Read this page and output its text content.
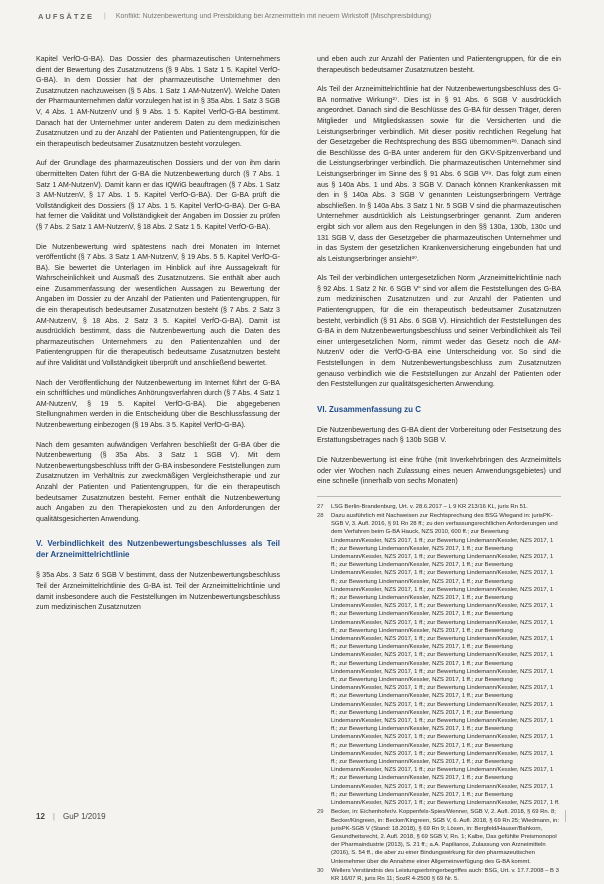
AUFSÄTZE | Konflikt: Nutzenbewertung und Preisbildung bei Arzneimitteln mit neuem Wirkstoff (Mischpreisbildung)

Kapitel VerfO-G-BA). Das Dossier des pharmazeutischen Unternehmers dient der Bewertung des Zusatznutzens (§ 9 Abs. 1 Satz 1 5. Kapitel VerfO-G-BA). In dem Dossier hat der pharmazeutische Unternehmer den Zusatznutzen nachzuweisen (§ 5 Abs. 1 Satz 1 AM-NutzenV). Welche Daten der Pharmaunternehmen dafür vorzulegen hat ist in § 35a Abs. 1 Satz 3 SGB V, 4 Abs. 1 AM-NutzenV und § 9 Abs. 1 5. Kapitel VerfO-G-BA bestimmt. Danach hat der Unternehmer unter anderem Daten zu dem medizinischen Zusatznutzen und zu der Anzahl der Patienten und Patientengruppen, für die ein therapeutisch bedeutsamer Zusatznutzen besteht vorzulegen.

Auf der Grundlage des pharmazeutischen Dossiers und der von ihm darin übermittelten Daten führt der G-BA die Nutzenbewertung durch (§ 7 Abs. 1 Satz 1 AM-NutzenV). Damit kann er das IQWiG beauftragen (§ 7 Abs. 1 Satz 3 AM-NutzenV, § 17 Abs. 1 5. Kapitel VerfO-G-BA). Der G-BA prüft die Vollständigkeit des Dossiers (§ 17 Abs. 1 5. Kapitel VerfO-G-BA). Der G-BA hat ferner die Validität und Vollständigkeit der Angaben im Dossier zu prüfen (§ 7 Abs. 2 Satz 1 AM-NutzenV, § 18 Abs. 2 Satz 1 5. Kapitel VerfO-G-BA).

Die Nutzenbewertung wird spätestens nach drei Monaten im Internet veröffentlicht (§ 7 Abs. 3 Satz 1 AM-NutzenV, § 19 Abs. 5 5. Kapitel VerfO-G-BA). Sie bewertet die Unterlagen im Hinblick auf ihre Aussagekraft für Wahrscheinlichkeit und Ausmaß des Zusatznutzens. Sie enthält aber auch eine Zusammenfassung der wesentlichen Aussagen zu Bewertung der Angaben im Dossier zu der Anzahl der Patienten und Patientengruppen, für die ein therapeutisch bedeutsamer Zusatznutzen besteht (§ 7 Abs. 2 Satz 3 AM-NutzenV, § 18 Abs. 2 Satz 3 5. Kapitel VerfO-G-BA). Damit ist ausdrücklich bestimmt, dass die Nutzenbewertung auch die Daten des pharmazeutischen Unternehmers zu den Patientenzahlen und der Patientengruppen für die therapeutisch bedeutsame Zusatznutzen besteht auf ihre Validität und Vollständigkeit überprüft und anschließend bewertet.

Nach der Veröffentlichung der Nutzenbewertung im Internet führt der G-BA ein schriftliches und mündliches Anhörungsverfahren durch (§ 7 Abs. 4 Satz 1 AM-NutzenV, § 19 5. Kapitel VerfO-G-BA). Die abgegebenen Stellungnahmen werden in die Entscheidung über die Beschlussfassung der Nutzenbewertung einbezogen (§ 19 Abs. 3 5. Kapitel VerfO-G-BA).

Nach dem gesamten aufwändigen Verfahren beschließt der G-BA über die Nutzenbewertung (§ 35a Abs. 3 Satz 1 SGB V). Mit dem Nutzenbewertungsbeschluss trifft der G-BA insbesondere Feststellungen zum Zusatznutzen im Verhältnis zur zweckmäßigen Vergleichstherapie und zur Anzahl der Patienten und Patientengruppen, für die ein therapeutisch bedeutsamer Zusatznutzen besteht. Ferner enthält die Nutzenbewertung auch Angaben zu den Therapiekosten und zu den Anforderungen der qualitätsgesicherten Anwendung.

V. Verbindlichkeit des Nutzenbewertungsbeschlusses als Teil der Arzneimittelrichtlinie

§ 35a Abs. 3 Satz 6 SGB V bestimmt, dass der Nutzenbewertungsbeschluss Teil der Arzneimittelrichtlinie des G-BA ist. Teil der Arzneimittelrichtlinie und damit insbesondere auch die Feststellungen im Nutzenbewertungsbeschluss zum medizinischen Zusatznutzen

und eben auch zur Anzahl der Patienten und Patientengruppen, für die ein therapeutisch bedeutsamer Zusatznutzen besteht.

Als Teil der Arzneimittelrichtlinie hat der Nutzenbewertungsbeschluss des G-BA normative Wirkung²⁷. Dies ist in § 91 Abs. 6 SGB V ausdrücklich angeordnet. Danach sind die Beschlüsse des G-BA für dessen Träger, deren Mitglieder und Mitgliedskassen sowie für die Versicherten und die Leistungserbringer verbindlich. Mit dieser positiv rechtlichen Regelung hat der Gesetzgeber die Rechtsprechung des BSG übernommen²⁸. Danach sind die Beschlüsse des G-BA unter anderem für den GKV-Spitzenverband und die Leistungserbringer verbindlich. Die pharmazeutischen Unternehmer sind Leistungserbringer im Sinne des § 91 Abs. 6 SGB V²⁹. Das folgt zum einen aus § 140a Abs. 1 und Abs. 3 SGB V. Danach können Krankenkassen mit den in § 140a Abs. 3 SGB V genannten Leistungserbringern Verträge abschließen. In § 140a Abs. 3 Satz 1 Nr. 5 SGB V sind die pharmazeutischen Unternehmer ausdrücklich als Leistungserbringer genannt. Zum anderen ergibt sich vor allem aus den Regelungen in den §§ 130a, 130b, 130c und 131 SGB V, dass der Gesetzgeber die pharmazeutischen Unternehmer und in das System der gesetzlichen Krankenversicherung eingebunden hat und als Leistungserbringer ansieht³⁰.

Als Teil der verbindlichen untergesetzlichen Norm „Arzneimittelrichtlinie nach § 92 Abs. 1 Satz 2 Nr. 6 SGB V“ sind vor allem die Feststellungen des G-BA zum medizinischen Zusatznutzen und zur Anzahl der Patienten und Patientengruppen, für die ein therapeutisch bedeutsamer Zusatznutzen besteht, verbindlich (§ 91 Abs. 6 SGB V). Hinsichtlich der Feststellungen des G-BA in dem Nutzenbewertungsbeschluss und seiner Verbindlichkeit als Teil einer untergesetzlichen Norm, nimmt weder das Gesetz noch die AM-NutzenV oder die VerfO-G-BA eine Unterscheidung vor. So sind die Feststellungen in dem Nutzenbewertungsbeschluss zum Zusatznutzen genauso verbindlich wie die Feststellungen zur Anzahl der Patienten oder den Feststellungen zur qualitätsgesicherten Anwendung.

VI. Zusammenfassung zu C

Die Nutzenbewertung des G-BA dient der Vorbereitung oder Festsetzung des Erstattungsbetrages nach § 130b SGB V.

Die Nutzenbewertung ist eine frühe (mit Inverkehrbringen des Arzneimittels oder vier Wochen nach Zulassung eines neuen Anwendungsgebietes) und eine schnelle (innerhalb von sechs Monaten)

27	LSG Berlin-Brandenburg, Urt. v. 28.6.2017 – L 9 KR 213/16 KL, juris Rn 51.
28	Dazu ausführlich mit Nachweisen zur Rechtsprechung des BSG Wiegand in: jurisPK-SGB V, 3. Aufl. 2016, § 91 Rn 28 ff.; zu den verfassungsrechtlichen Anforderungen und dem Verfahren beim G-BA Hauck, NZS 2010, 600 ff.; zur Bewertung Lindemann/Kessler, NZS 2017, 1 ff.; zur Bewertung Lindemann/Kessler, NZS 2017, 1 ff.; zur Bewertung Lindemann/Kessler, NZS 2017, 1 ff.; zur Bewertung Lindemann/Kessler, NZS 2017, 1 ff.; zur Bewertung Lindemann/Kessler, NZS 2017, 1 ff.; zur Bewertung Lindemann/Kessler, NZS 2017, 1 ff.; zur Bewertung Lindemann/Kessler, NZS 2017, 1 ff.; zur Bewertung Lindemann/Kessler, NZS 2017, 1 ff.; zur Bewertung Lindemann/Kessler, NZS 2017, 1 ff.; zur Bewertung Lindemann/Kessler, NZS 2017, 1 ff.; zur Bewertung Lindemann/Kessler, NZS 2017, 1 ff.; zur Bewertung Lindemann/Kessler, NZS 2017, 1 ff.; zur Bewertung Lindemann/Kessler, NZS 2017, 1 ff.; zur Bewertung Lindemann/Kessler, NZS 2017, 1 ff.; zur Bewertung Lindemann/Kessler, NZS 2017, 1 ff.; zur Bewertung Lindemann/Kessler, NZS 2017, 1 ff.; zur Bewertung Lindemann/Kessler, NZS 2017, 1 ff.; zur Bewertung Lindemann/Kessler, NZS 2017, 1 ff.; zur Bewertung Lindemann/Kessler, NZS 2017, 1 ff.; zur Bewertung Lindemann/Kessler, NZS 2017, 1 ff.; zur Bewertung Lindemann/Kessler, NZS 2017, 1 ff.; zur Bewertung Lindemann/Kessler, NZS 2017, 1 ff.; zur Bewertung Lindemann/Kessler, NZS 2017, 1 ff.; zur Bewertung Lindemann/Kessler, NZS 2017, 1 ff.; zur Bewertung Lindemann/Kessler, NZS 2017, 1 ff.; zur Bewertung Lindemann/Kessler, NZS 2017, 1 ff.; zur Bewertung Lindemann/Kessler, NZS 2017, 1 ff.; zur Bewertung Lindemann/Kessler, NZS 2017, 1 ff.; zur Bewertung Lindemann/Kessler, NZS 2017, 1 ff.; zur Bewertung Lindemann/Kessler, NZS 2017, 1 ff.; zur Bewertung Lindemann/Kessler, NZS 2017, 1 ff.; zur Bewertung Lindemann/Kessler, NZS 2017, 1 ff.; zur Bewertung Lindemann/Kessler, NZS 2017, 1 ff.; zur Bewertung Lindemann/Kessler, NZS 2017, 1 ff.; zur Bewertung Lindemann/Kessler, NZS 2017, 1 ff.; zur Bewertung Lindemann/Kessler, NZS 2017, 1 ff.; zur Bewertung Lindemann/Kessler, NZS 2017, 1 ff.; zur Bewertung Lindemann/Kessler, NZS 2017, 1 ff.; zur Bewertung Lindemann/Kessler, NZS 2017, 1 ff.; zur Bewertung Lindemann/Kessler, NZS 2017, 1 ff.; zur Bewertung Lindemann/Kessler, NZS 2017, 1 ff.; zur Bewertung Lindemann/Kessler, NZS 2017, 1 ff.; zur Bewertung Lindemann/Kessler, NZS 2017, 1 ff.; zur Bewertung Lindemann/Kessler, NZS 2017, 1 ff.; zur Bewertung Lindemann/Kessler, NZS 2017, 1 ff.; zur Bewertung Lindemann/Kessler, NZS 2017, 1 ff.; zur Bewertung Lindemann/Kessler, NZS 2017, 1 ff.; zur Bewertung Lindemann/Kessler, NZS 2017, 1 ff.; zur Bewertung Lindemann/Kessler, NZS 2017, 1 ff.; zur Bewertung Lindemann/Kessler, NZS 2017, 1 ff.
29	Becker, in: Eichenhofer/v. Koppenfels-Spies/Wenner, SGB V, 2. Aufl. 2018, § 69 Rn. 8; Becker/Kingreen, in: Becker/Kingreen, SGB V, 6. Aufl. 2018, § 69 Rn 25; Wiedmann, in: jurisPK-SGB V (Stand: 18.2018), § 69 Rn 9; Lösen, in: Bergfeld/Hauser/Bahkorn, Gesundheitsrecht, 2. Aufl. 2018, § 69 SGB V, Rn. 1; Kalbe, Das gefühlte Preismonopol der Pharmaindustrie (2013), S. 21 ff.; a.A. Papilianos, Zulassung von Arzneimitteln (2016), S. 54 ff., die aber zu einer Bindungswirkung für den pharmazeutischen Unternehmer über die Annahme einer Allgemeinverfügung des G-BA kommt.
30	Wellers Verständnis des Leistungserbringerbegriffes auch: BSG, Urt. v. 17.7.2008 – B 3 KR 16/07 R, juris Rn 11; SozR 4-2500 § 69 Nr. 5.
12 | GuP 1/2019
